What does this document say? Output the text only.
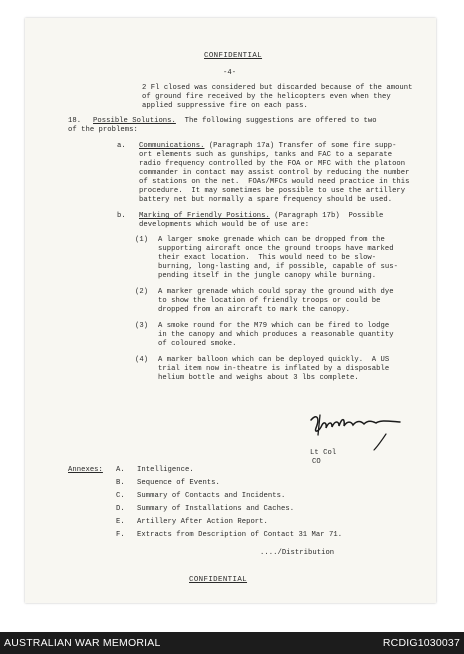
CONFIDENTIAL
-4-
2 Fl closed was considered but discarded because of the amount
of ground fire received by the helicopters even when they
applied suppressive fire on each pass.
18. Possible Solutions.  The following suggestions are offered to two
of the problems:
a. Communications. (Paragraph 17a) Transfer of some fire supp-
ort elements such as gunships, tanks and FAC to a separate
radio frequency controlled by the FOA or MFC with the platoon
commander in contact may assist control by reducing the number
of stations on the net.  FOAs/MFCs would need practice in this
procedure.  It may sometimes be possible to use the artillery
battery net but normally a spare frequency should be used.
b. Marking of Friendly Positions. (Paragraph 17b)  Possible
developments which would be of use are:
(1) A larger smoke grenade which can be dropped from the
supporting aircraft once the ground troops have marked
their exact location.  This would need to be slow-
burning, long-lasting and, if possible, capable of sus-
pending itself in the jungle canopy while burning.
(2) A marker grenade which could spray the ground with dye
to show the location of friendly troops or could be
dropped from an aircraft to mark the canopy.
(3) A smoke round for the M79 which can be fired to lodge
in the canopy and which produces a reasonable quantity
of coloured smoke.
(4) A marker balloon which can be deployed quickly.  A US
trial item now in-theatre is inflated by a disposable
helium bottle and weighs about 3 lbs complete.
Lt Col
CO
Annexes: A. Intelligence.
B. Sequence of Events.
C. Summary of Contacts and Incidents.
D. Summary of Installations and Caches.
E. Artillery After Action Report.
F. Extracts from Description of Contact 31 Mar 71.
..../Distribution
CONFIDENTIAL
AUSTRALIAN WAR MEMORIAL	RCDIG1030037
